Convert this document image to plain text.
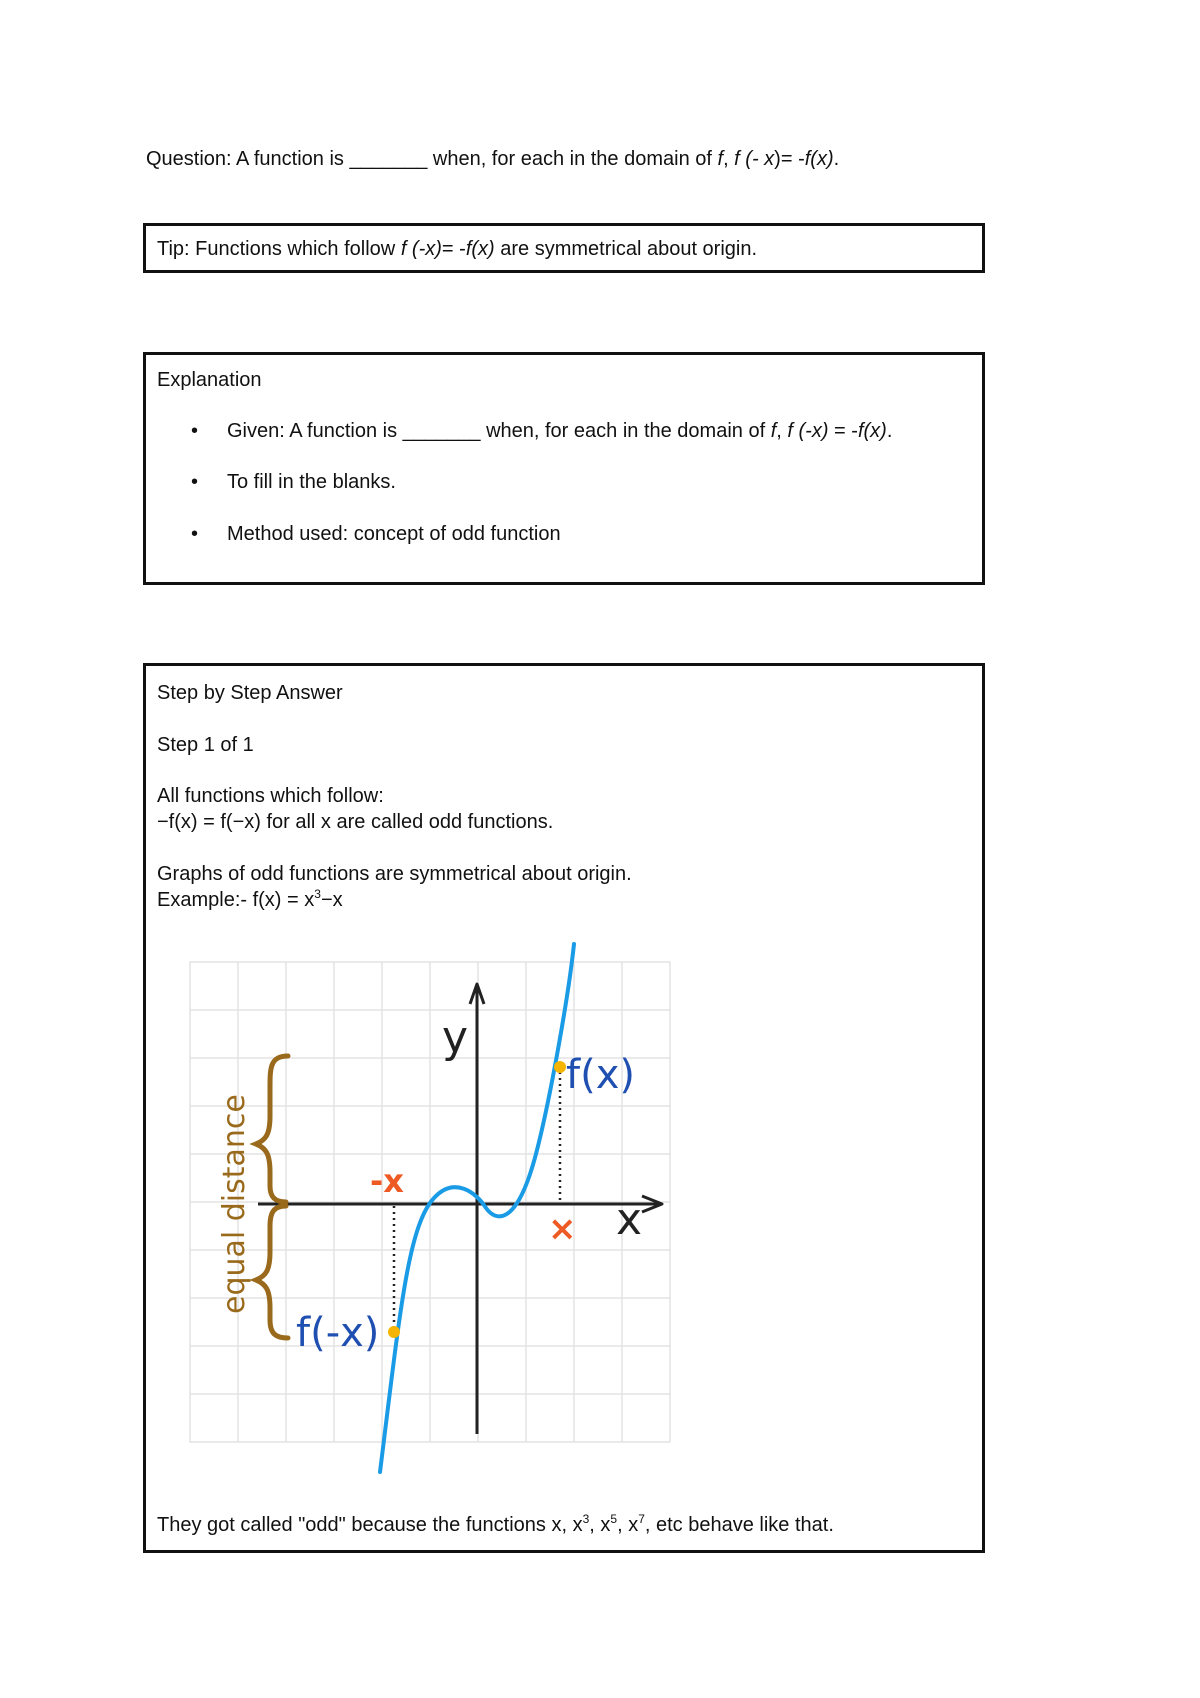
Question: A function is _______ when, for each in the domain of f, f (- x)= -f(x).
Tip: Functions which follow f (-x)= -f(x) are symmetrical about origin.
Explanation
• Given: A function is _______ when, for each in the domain of f, f (-x) = -f(x).
• To fill in the blanks.
• Method used: concept of odd function
Step by Step Answer
Step 1 of 1
All functions which follow:
−f(x) = f(−x) for all x are called odd functions.
Graphs of odd functions are symmetrical about origin.
Example:- $f(x) = x^3-x$
They got called "odd" because the functions x, $x^3$, $x^5$, $x^7$, etc behave like that.
y
x
f(x)
f(-x)
-x
×
equal distance
